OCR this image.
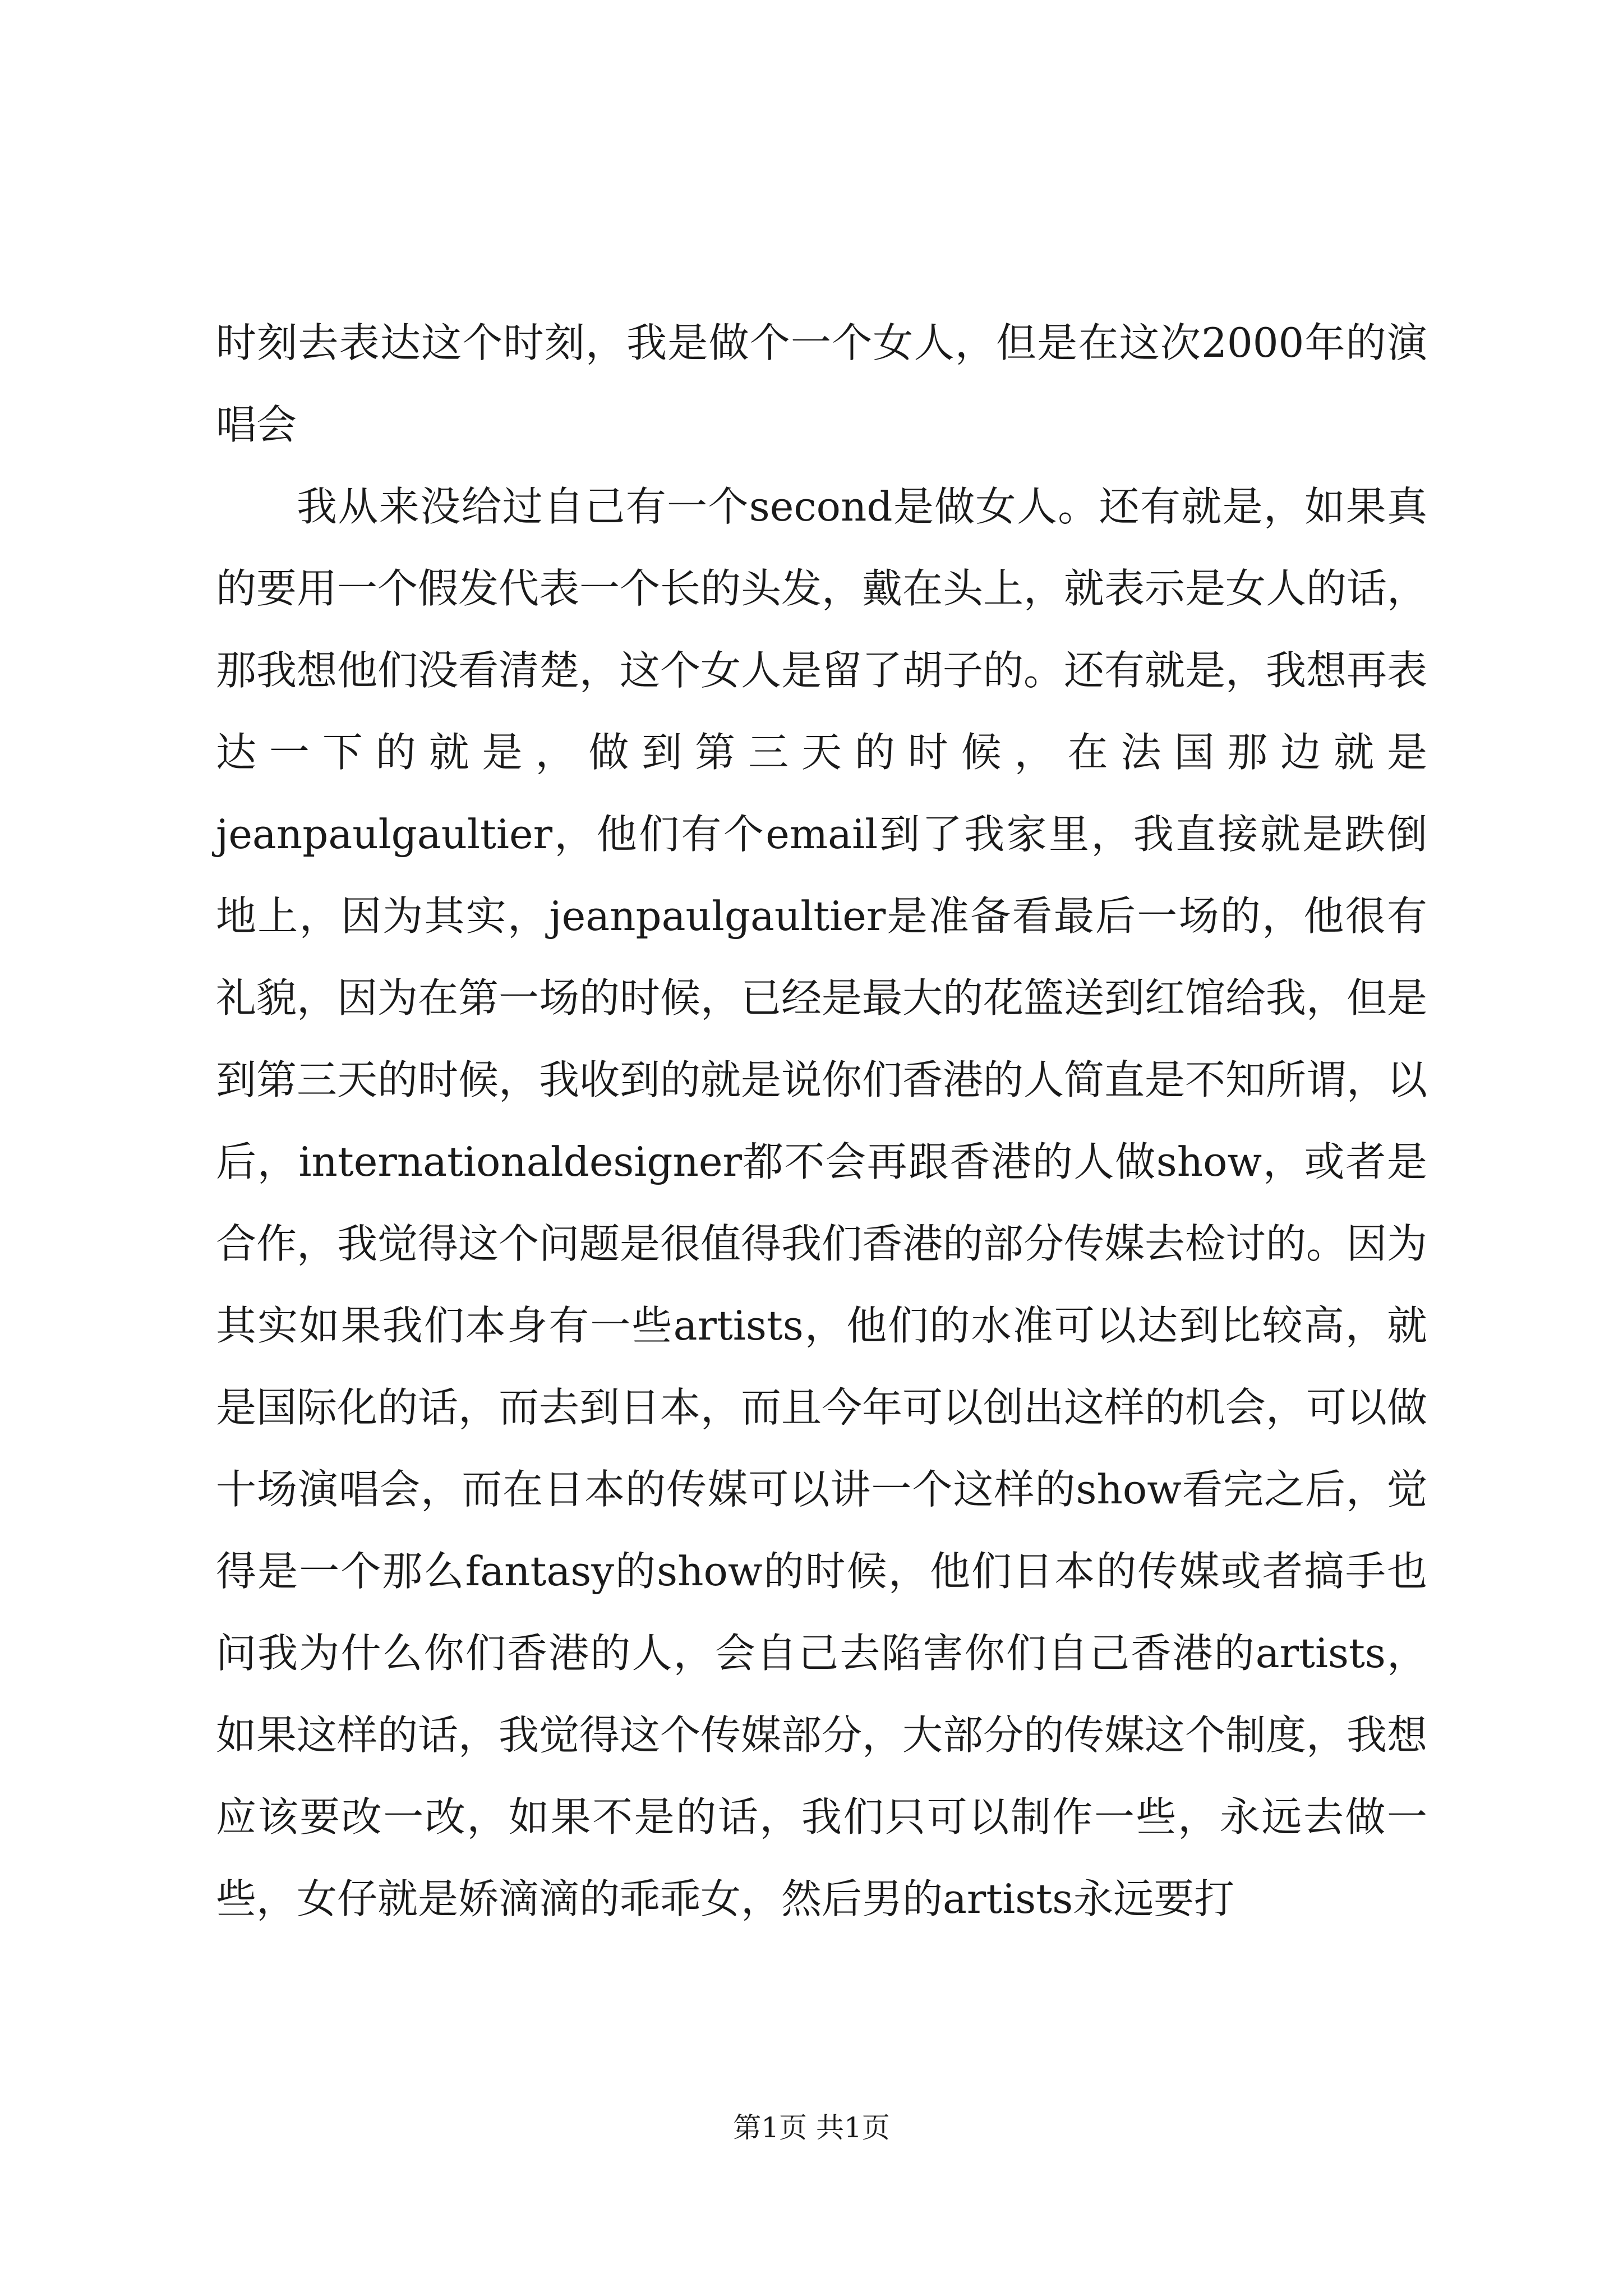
时刻去表达这个时刻，我是做个一个女人，但是在这次2000年的演唱会

我从来没给过自己有一个second是做女人。还有就是，如果真的要用一个假发代表一个长的头发，戴在头上，就表示是女人的话，那我想他们没看清楚，这个女人是留了胡子的。还有就是，我想再表达一下的就是，做到第三天的时候，在法国那边就是jeanpaulgaultier，他们有个email到了我家里，我直接就是跌倒地上，因为其实，jeanpaulgaultier是准备看最后一场的，他很有礼貌，因为在第一场的时候，已经是最大的花篮送到红馆给我，但是到第三天的时候，我收到的就是说你们香港的人简直是不知所谓，以后，internationaldesigner都不会再跟香港的人做show，或者是合作，我觉得这个问题是很值得我们香港的部分传媒去检讨的。因为其实如果我们本身有一些artists，他们的水准可以达到比较高，就是国际化的话，而去到日本，而且今年可以创出这样的机会，可以做十场演唱会，而在日本的传媒可以讲一个这样的show看完之后，觉得是一个那么fantasy的show的时候，他们日本的传媒或者搞手也问我为什么你们香港的人，会自己去陷害你们自己香港的artists，如果这样的话，我觉得这个传媒部分，大部分的传媒这个制度，我想应该要改一改，如果不是的话，我们只可以制作一些，永远去做一些，女仔就是娇滴滴的乖乖女，然后男的artists永远要打

第1页 共1页
